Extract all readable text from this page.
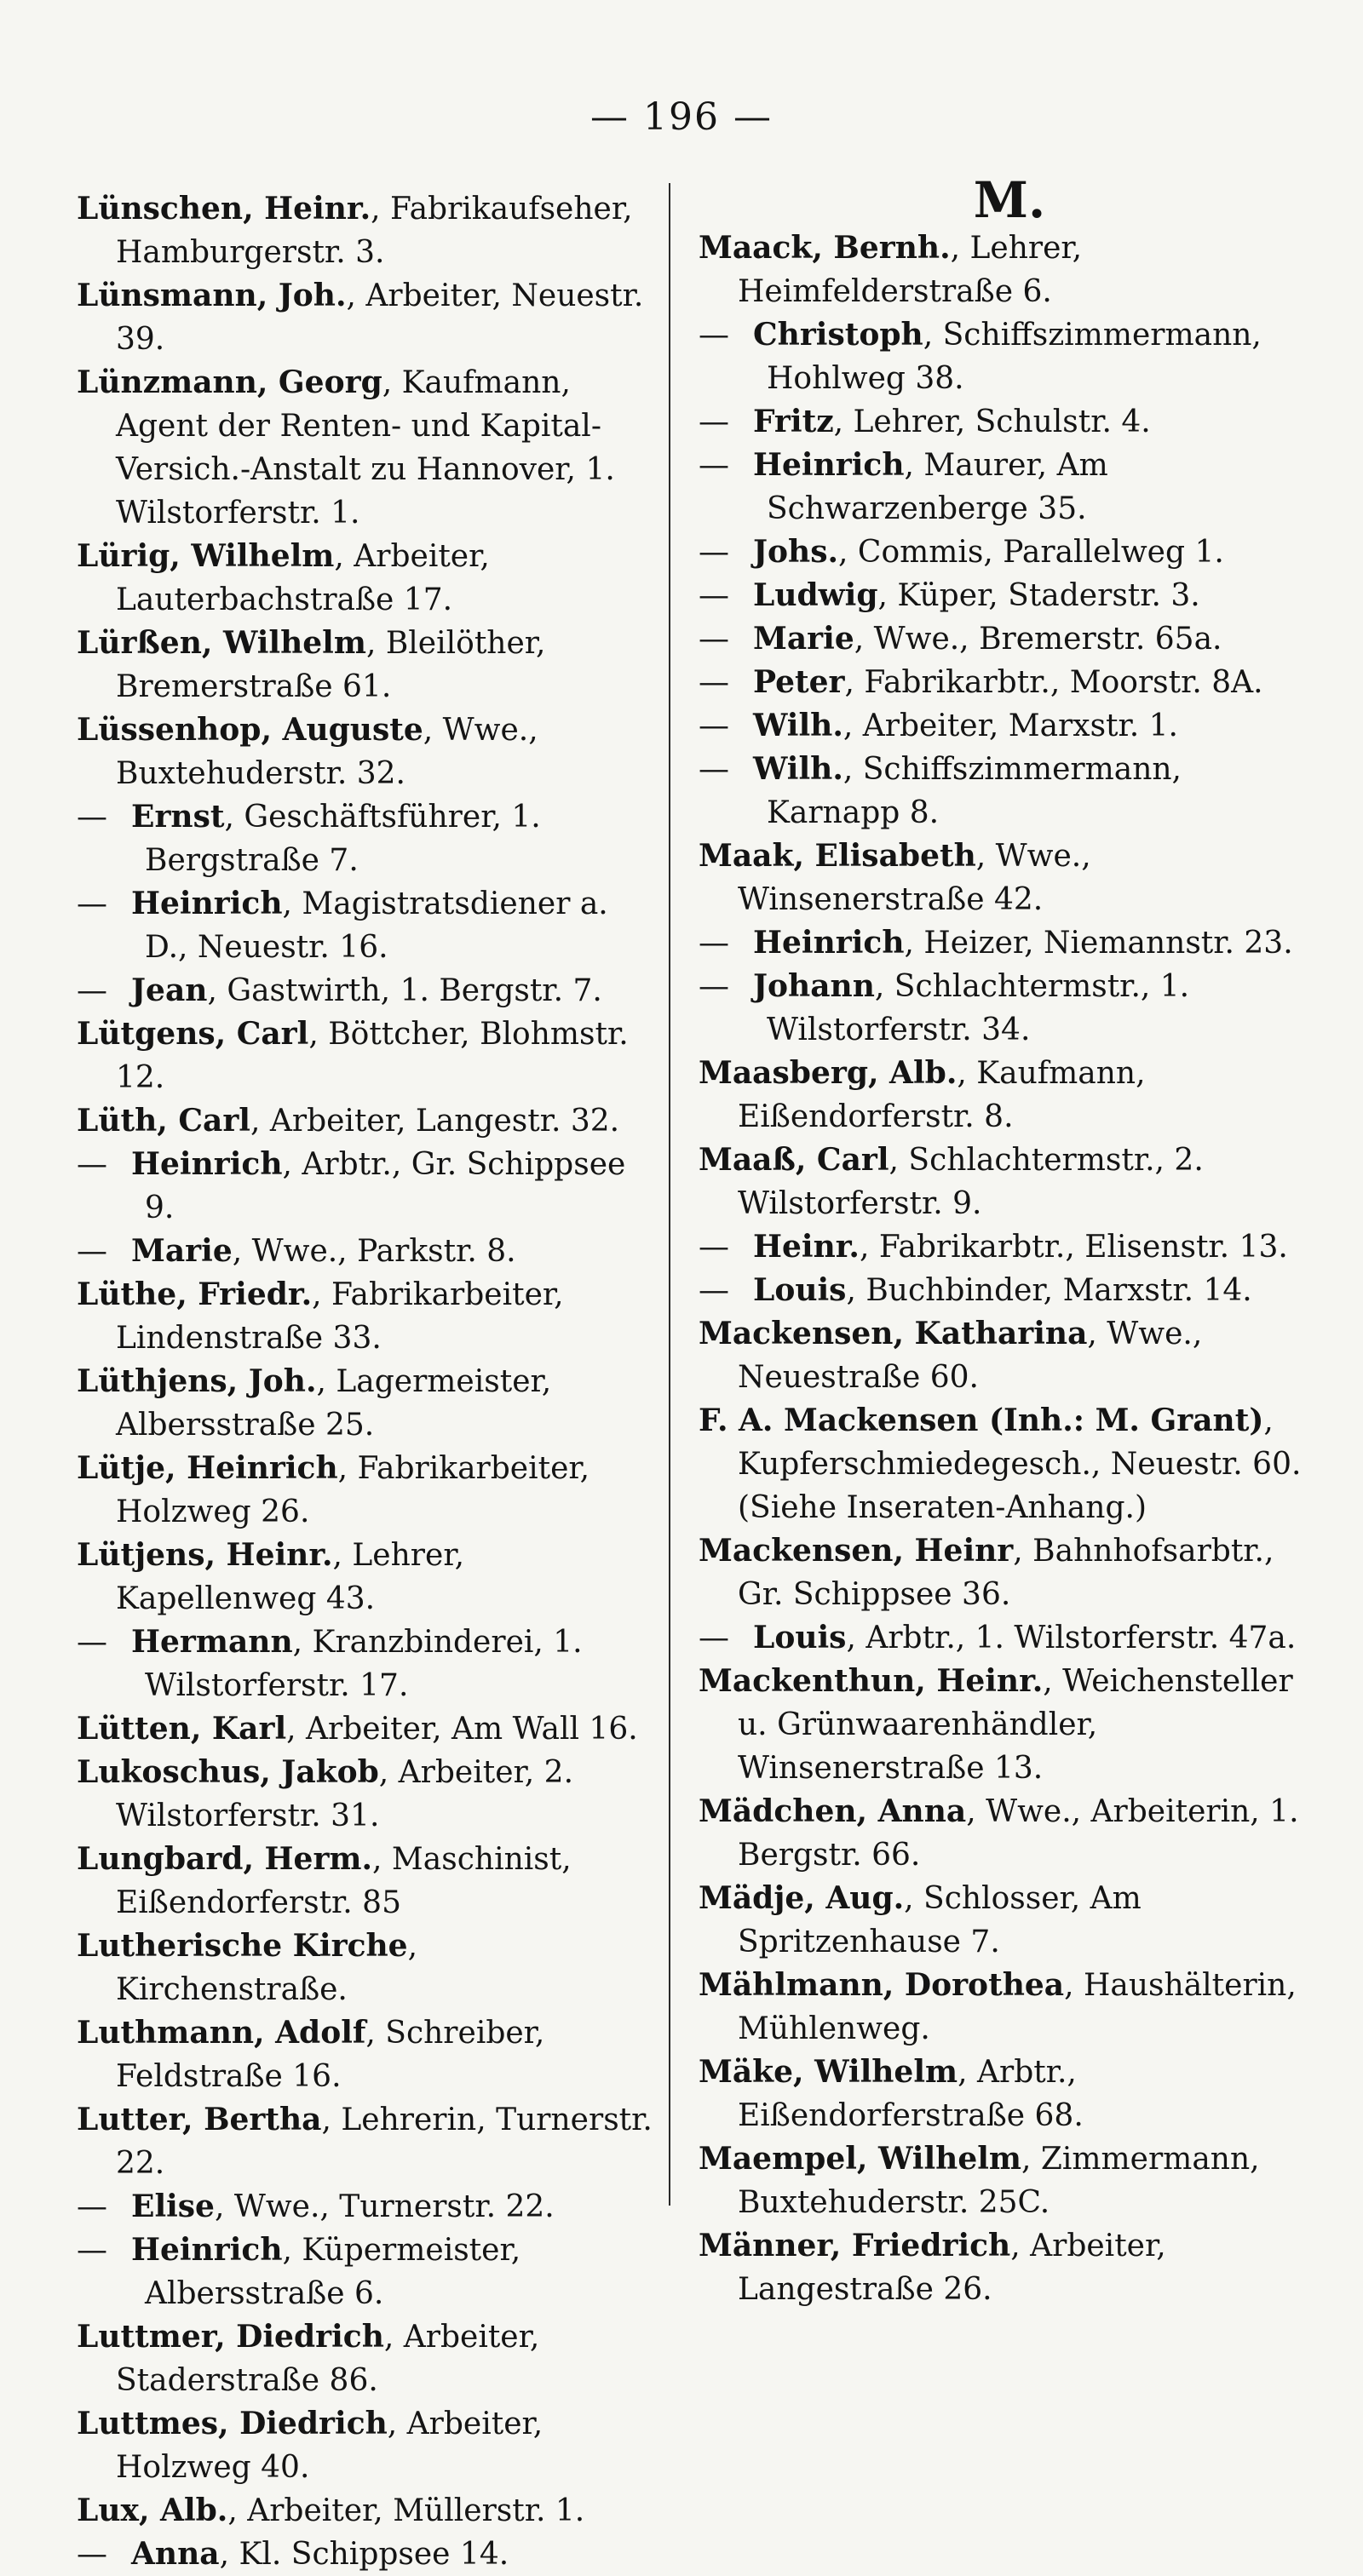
— 196 —
Lünschen, Heinr., Fabrikaufseher, Hamburgerstr. 3.
Lünsmann, Joh., Arbeiter, Neuestr. 39.
Lünzmann, Georg, Kaufmann, Agent der Renten- und Kapital-Versich.-Anstalt zu Hannover, 1. Wilstorferstr. 1.
Lürig, Wilhelm, Arbeiter, Lauterbachstraße 17.
Lürßen, Wilhelm, Bleilöther, Bremerstraße 61.
Lüssenhop, Auguste, Wwe., Buxtehuderstr. 32.
— Ernst, Geschäftsführer, 1. Bergstraße 7.
— Heinrich, Magistratsdiener a. D., Neuestr. 16.
— Jean, Gastwirth, 1. Bergstr. 7.
Lütgens, Carl, Böttcher, Blohmstr. 12.
Lüth, Carl, Arbeiter, Langestr. 32.
— Heinrich, Arbtr., Gr. Schippsee 9.
— Marie, Wwe., Parkstr. 8.
Lüthe, Friedr., Fabrikarbeiter, Lindenstraße 33.
Lüthjens, Joh., Lagermeister, Albersstraße 25.
Lütje, Heinrich, Fabrikarbeiter, Holzweg 26.
Lütjens, Heinr., Lehrer, Kapellenweg 43.
— Hermann, Kranzbinderei, 1. Wilstorferstr. 17.
Lütten, Karl, Arbeiter, Am Wall 16.
Lukoschus, Jakob, Arbeiter, 2. Wilstorferstr. 31.
Lungbard, Herm., Maschinist, Eißendorferstr. 85
Lutherische Kirche, Kirchenstraße.
Luthmann, Adolf, Schreiber, Feldstraße 16.
Lutter, Bertha, Lehrerin, Turnerstr. 22.
— Elise, Wwe., Turnerstr. 22.
— Heinrich, Küpermeister, Albersstraße 6.
Luttmer, Diedrich, Arbeiter, Staderstraße 86.
Luttmes, Diedrich, Arbeiter, Holzweg 40.
Lux, Alb., Arbeiter, Müllerstr. 1.
— Anna, Kl. Schippsee 14.
M.
Maack, Bernh., Lehrer, Heimfelderstraße 6.
— Christoph, Schiffszimmermann, Hohlweg 38.
— Fritz, Lehrer, Schulstr. 4.
— Heinrich, Maurer, Am Schwarzenberge 35.
— Johs., Commis, Parallelweg 1.
— Ludwig, Küper, Staderstr. 3.
— Marie, Wwe., Bremerstr. 65a.
— Peter, Fabrikarbtr., Moorstr. 8A.
— Wilh., Arbeiter, Marxstr. 1.
— Wilh., Schiffszimmermann, Karnapp 8.
Maak, Elisabeth, Wwe., Winsenerstraße 42.
— Heinrich, Heizer, Niemannstr. 23.
— Johann, Schlachtermstr., 1. Wilstorferstr. 34.
Maasberg, Alb., Kaufmann, Eißendorferstr. 8.
Maaß, Carl, Schlachtermstr., 2. Wilstorferstr. 9.
— Heinr., Fabrikarbtr., Elisenstr. 13.
— Louis, Buchbinder, Marxstr. 14.
Mackensen, Katharina, Wwe., Neuestraße 60.
F. A. Mackensen (Inh.: M. Grant), Kupferschmiedegesch., Neuestr. 60. (Siehe Inseraten-Anhang.)
Mackensen, Heinr, Bahnhofsarbtr., Gr. Schippsee 36.
— Louis, Arbtr., 1. Wilstorferstr. 47a.
Mackenthun, Heinr., Weichensteller u. Grünwaarenhändler, Winsenerstraße 13.
Mädchen, Anna, Wwe., Arbeiterin, 1. Bergstr. 66.
Mädje, Aug., Schlosser, Am Spritzenhause 7.
Mählmann, Dorothea, Haushälterin, Mühlenweg.
Mäke, Wilhelm, Arbtr., Eißendorferstraße 68.
Maempel, Wilhelm, Zimmermann, Buxtehuderstr. 25C.
Männer, Friedrich, Arbeiter, Langestraße 26.
